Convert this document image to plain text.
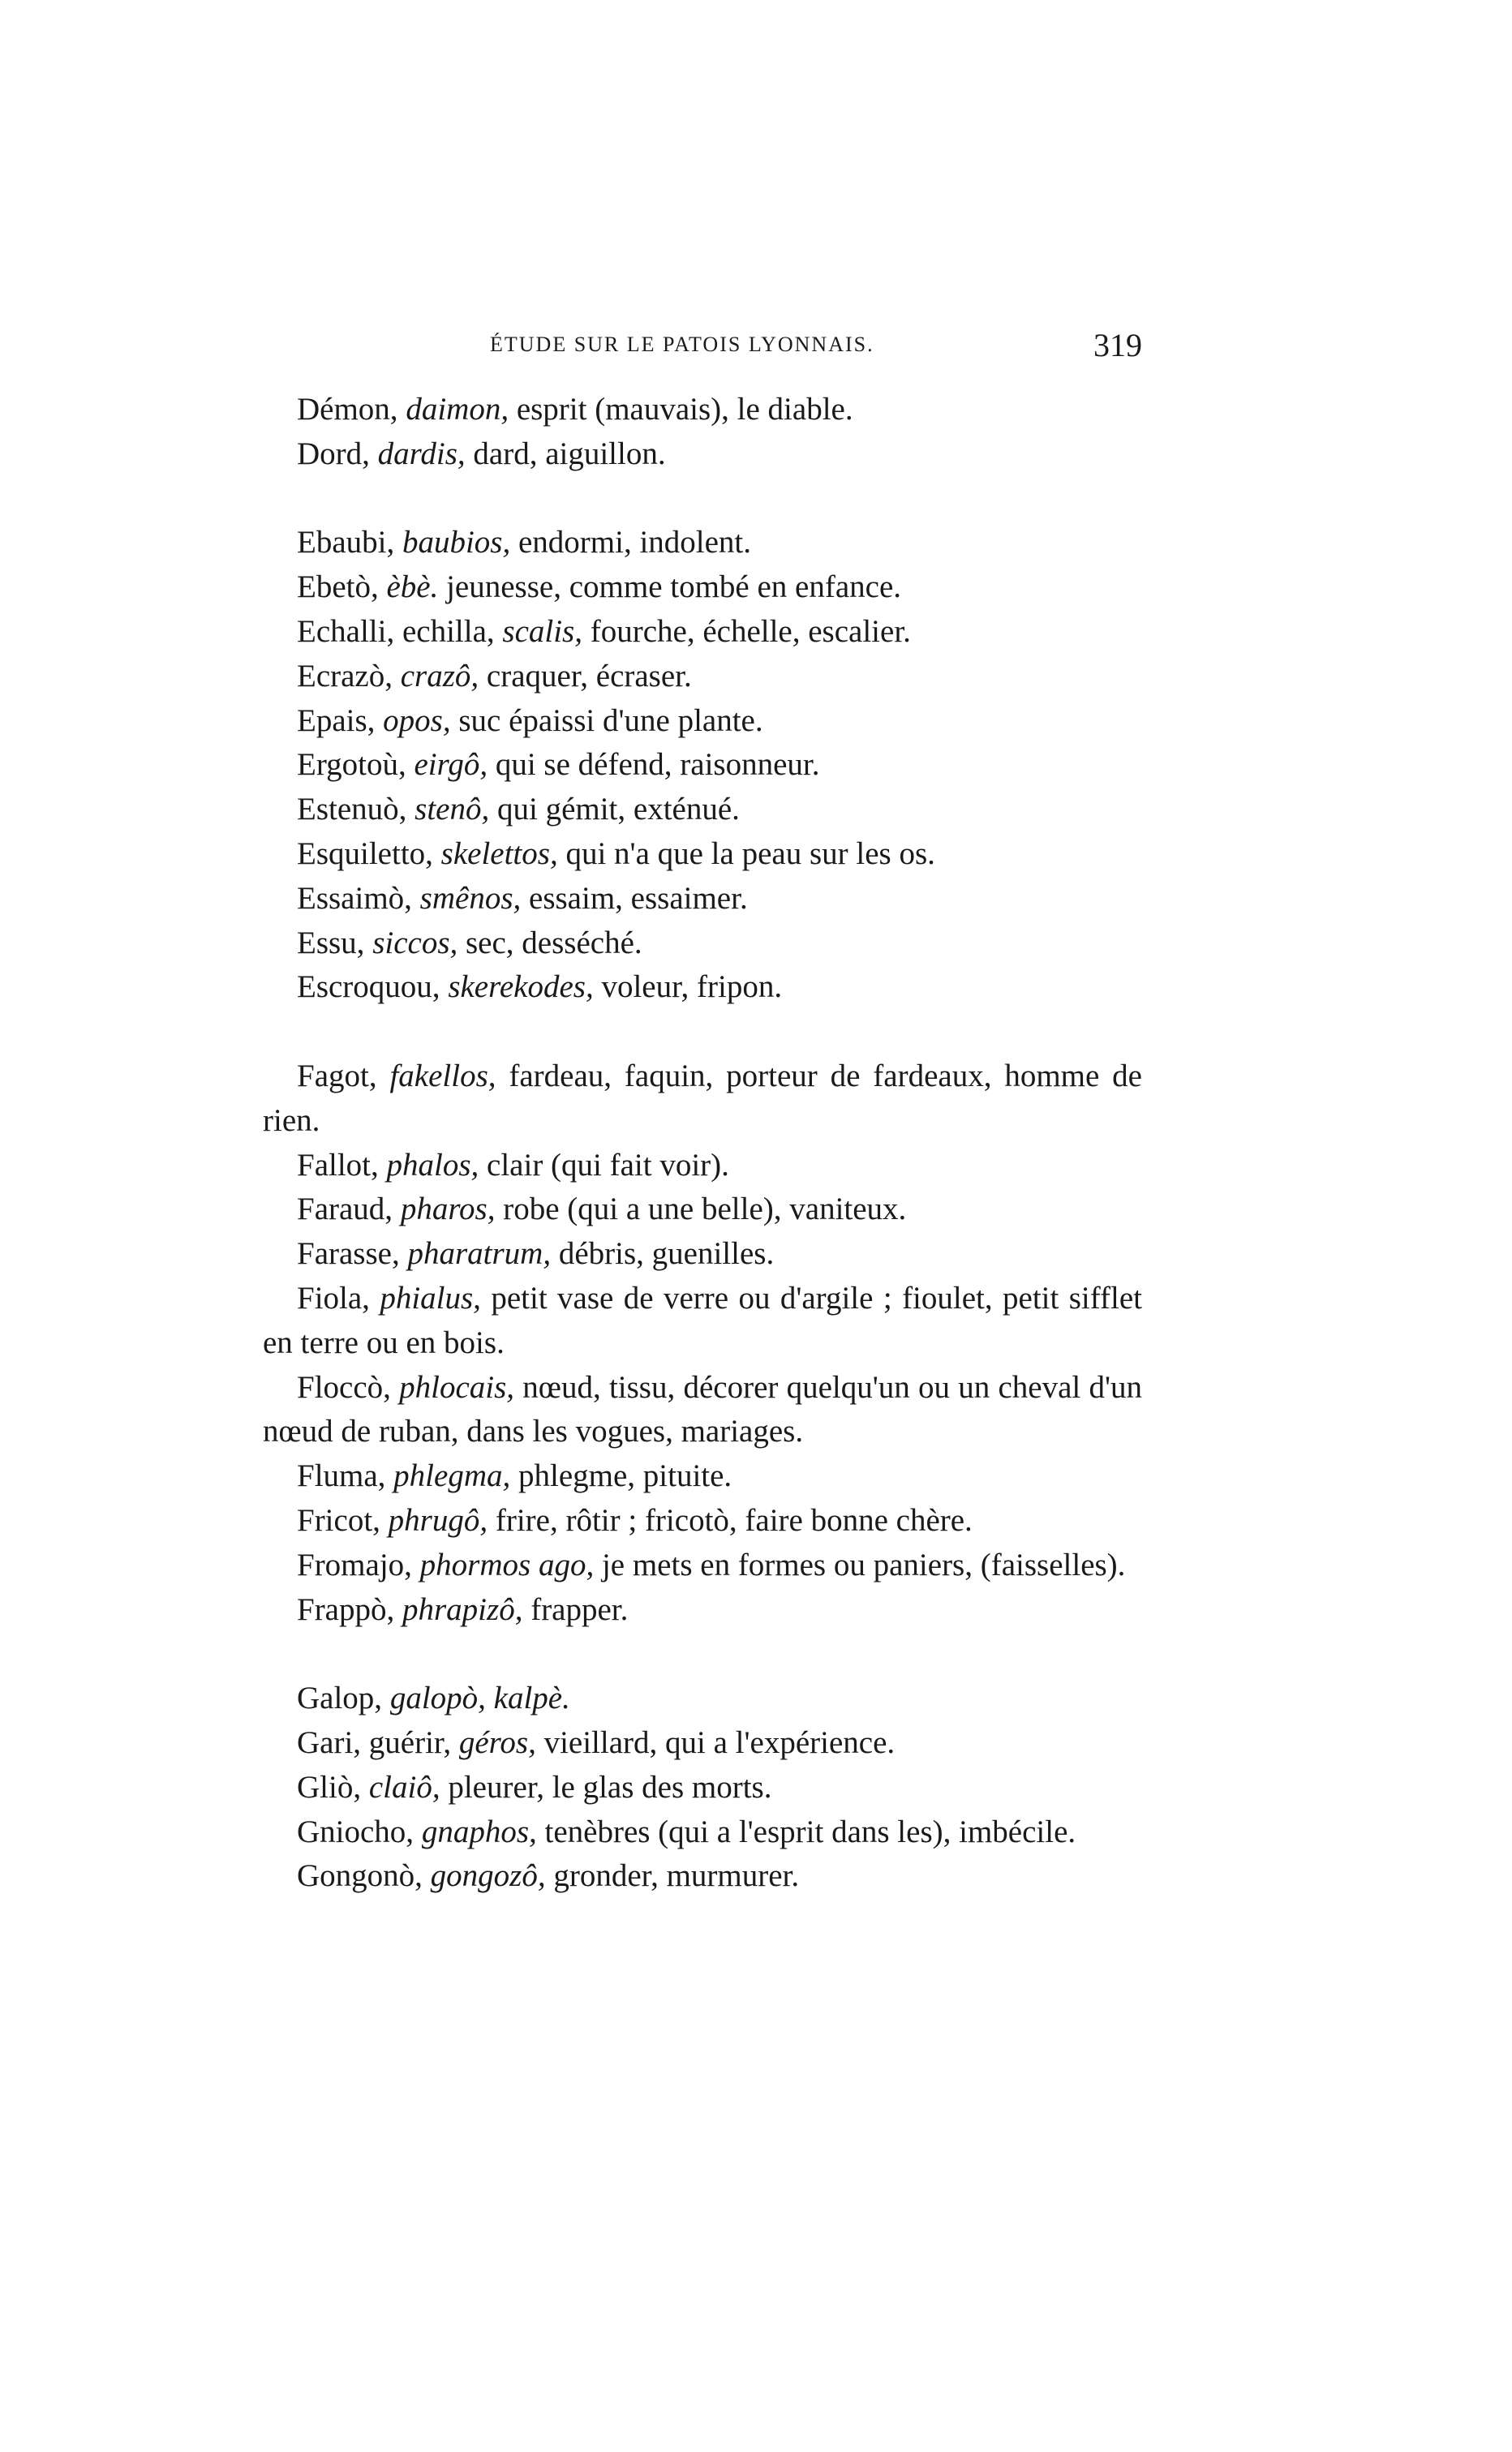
ÉTUDE SUR LE PATOIS LYONNAIS.	319

Démon, daimon, esprit (mauvais), le diable.

Dord, dardis, dard, aiguillon.

Ebaubi, baubios, endormi, indolent.

Ebetò, èbè. jeunesse, comme tombé en enfance.

Echalli, echilla, scalis, fourche, échelle, escalier.

Ecrazò, crazô, craquer, écraser.

Epais, opos, suc épaissi d'une plante.

Ergotoù, eirgô, qui se défend, raisonneur.

Estenuò, stenô, qui gémit, exténué.

Esquiletto, skelettos, qui n'a que la peau sur les os.

Essaimò, smênos, essaim, essaimer.

Essu, siccos, sec, desséché.

Escroquou, skerekodes, voleur, fripon.

Fagot, fakellos, fardeau, faquin, porteur de fardeaux, homme de rien.

Fallot, phalos, clair (qui fait voir).

Faraud, pharos, robe (qui a une belle), vaniteux.

Farasse, pharatrum, débris, guenilles.

Fiola, phialus, petit vase de verre ou d'argile ; fioulet, petit sifflet en terre ou en bois.

Floccò, phlocais, nœud, tissu, décorer quelqu'un ou un cheval d'un nœud de ruban, dans les vogues, mariages.

Fluma, phlegma, phlegme, pituite.

Fricot, phrugô, frire, rôtir ; fricotò, faire bonne chère.

Fromajo, phormos ago, je mets en formes ou paniers, (faisselles).

Frappò, phrapizô, frapper.

Galop, galopò, kalpè.

Gari, guérir, géros, vieillard, qui a l'expérience.

Gliò, claiô, pleurer, le glas des morts.

Gniocho, gnaphos, tenèbres (qui a l'esprit dans les), imbécile.

Gongonò, gongozô, gronder, murmurer.
